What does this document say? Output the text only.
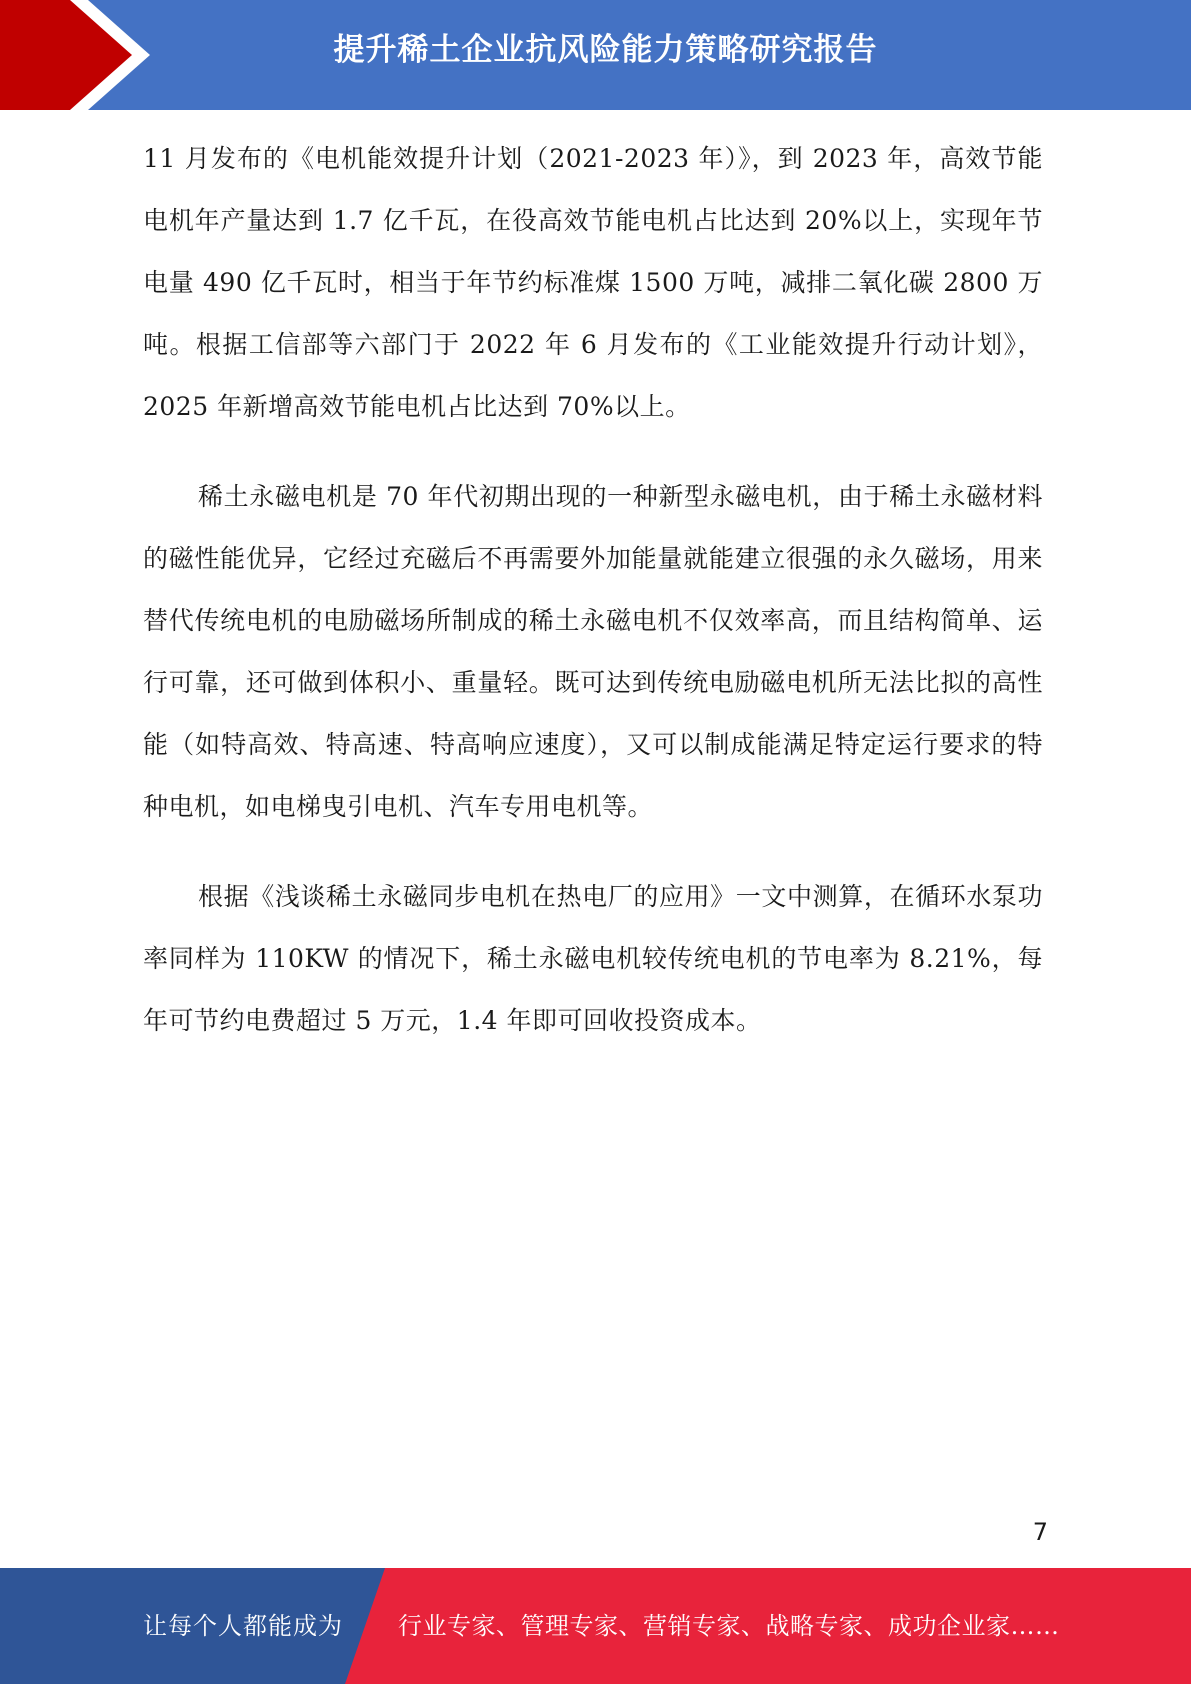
提升稀土企业抗风险能力策略研究报告

11 月发布的《电机能效提升计划（2021-2023 年）》，到 2023 年，高效节能电机年产量达到 1.7 亿千瓦，在役高效节能电机占比达到 20%以上，实现年节电量 490 亿千瓦时，相当于年节约标准煤 1500 万吨，减排二氧化碳 2800 万吨。根据工信部等六部门于 2022 年 6 月发布的《工业能效提升行动计划》，2025 年新增高效节能电机占比达到 70%以上。

稀土永磁电机是 70 年代初期出现的一种新型永磁电机，由于稀土永磁材料的磁性能优异，它经过充磁后不再需要外加能量就能建立很强的永久磁场，用来替代传统电机的电励磁场所制成的稀土永磁电机不仅效率高，而且结构简单、运行可靠，还可做到体积小、重量轻。既可达到传统电励磁电机所无法比拟的高性能（如特高效、特高速、特高响应速度），又可以制成能满足特定运行要求的特种电机，如电梯曳引电机、汽车专用电机等。

根据《浅谈稀土永磁同步电机在热电厂的应用》一文中测算，在循环水泵功率同样为 110KW 的情况下，稀土永磁电机较传统电机的节电率为 8.21%，每年可节约电费超过 5 万元，1.4 年即可回收投资成本。

7
让每个人都能成为 行业专家、管理专家、营销专家、战略专家、成功企业家……
